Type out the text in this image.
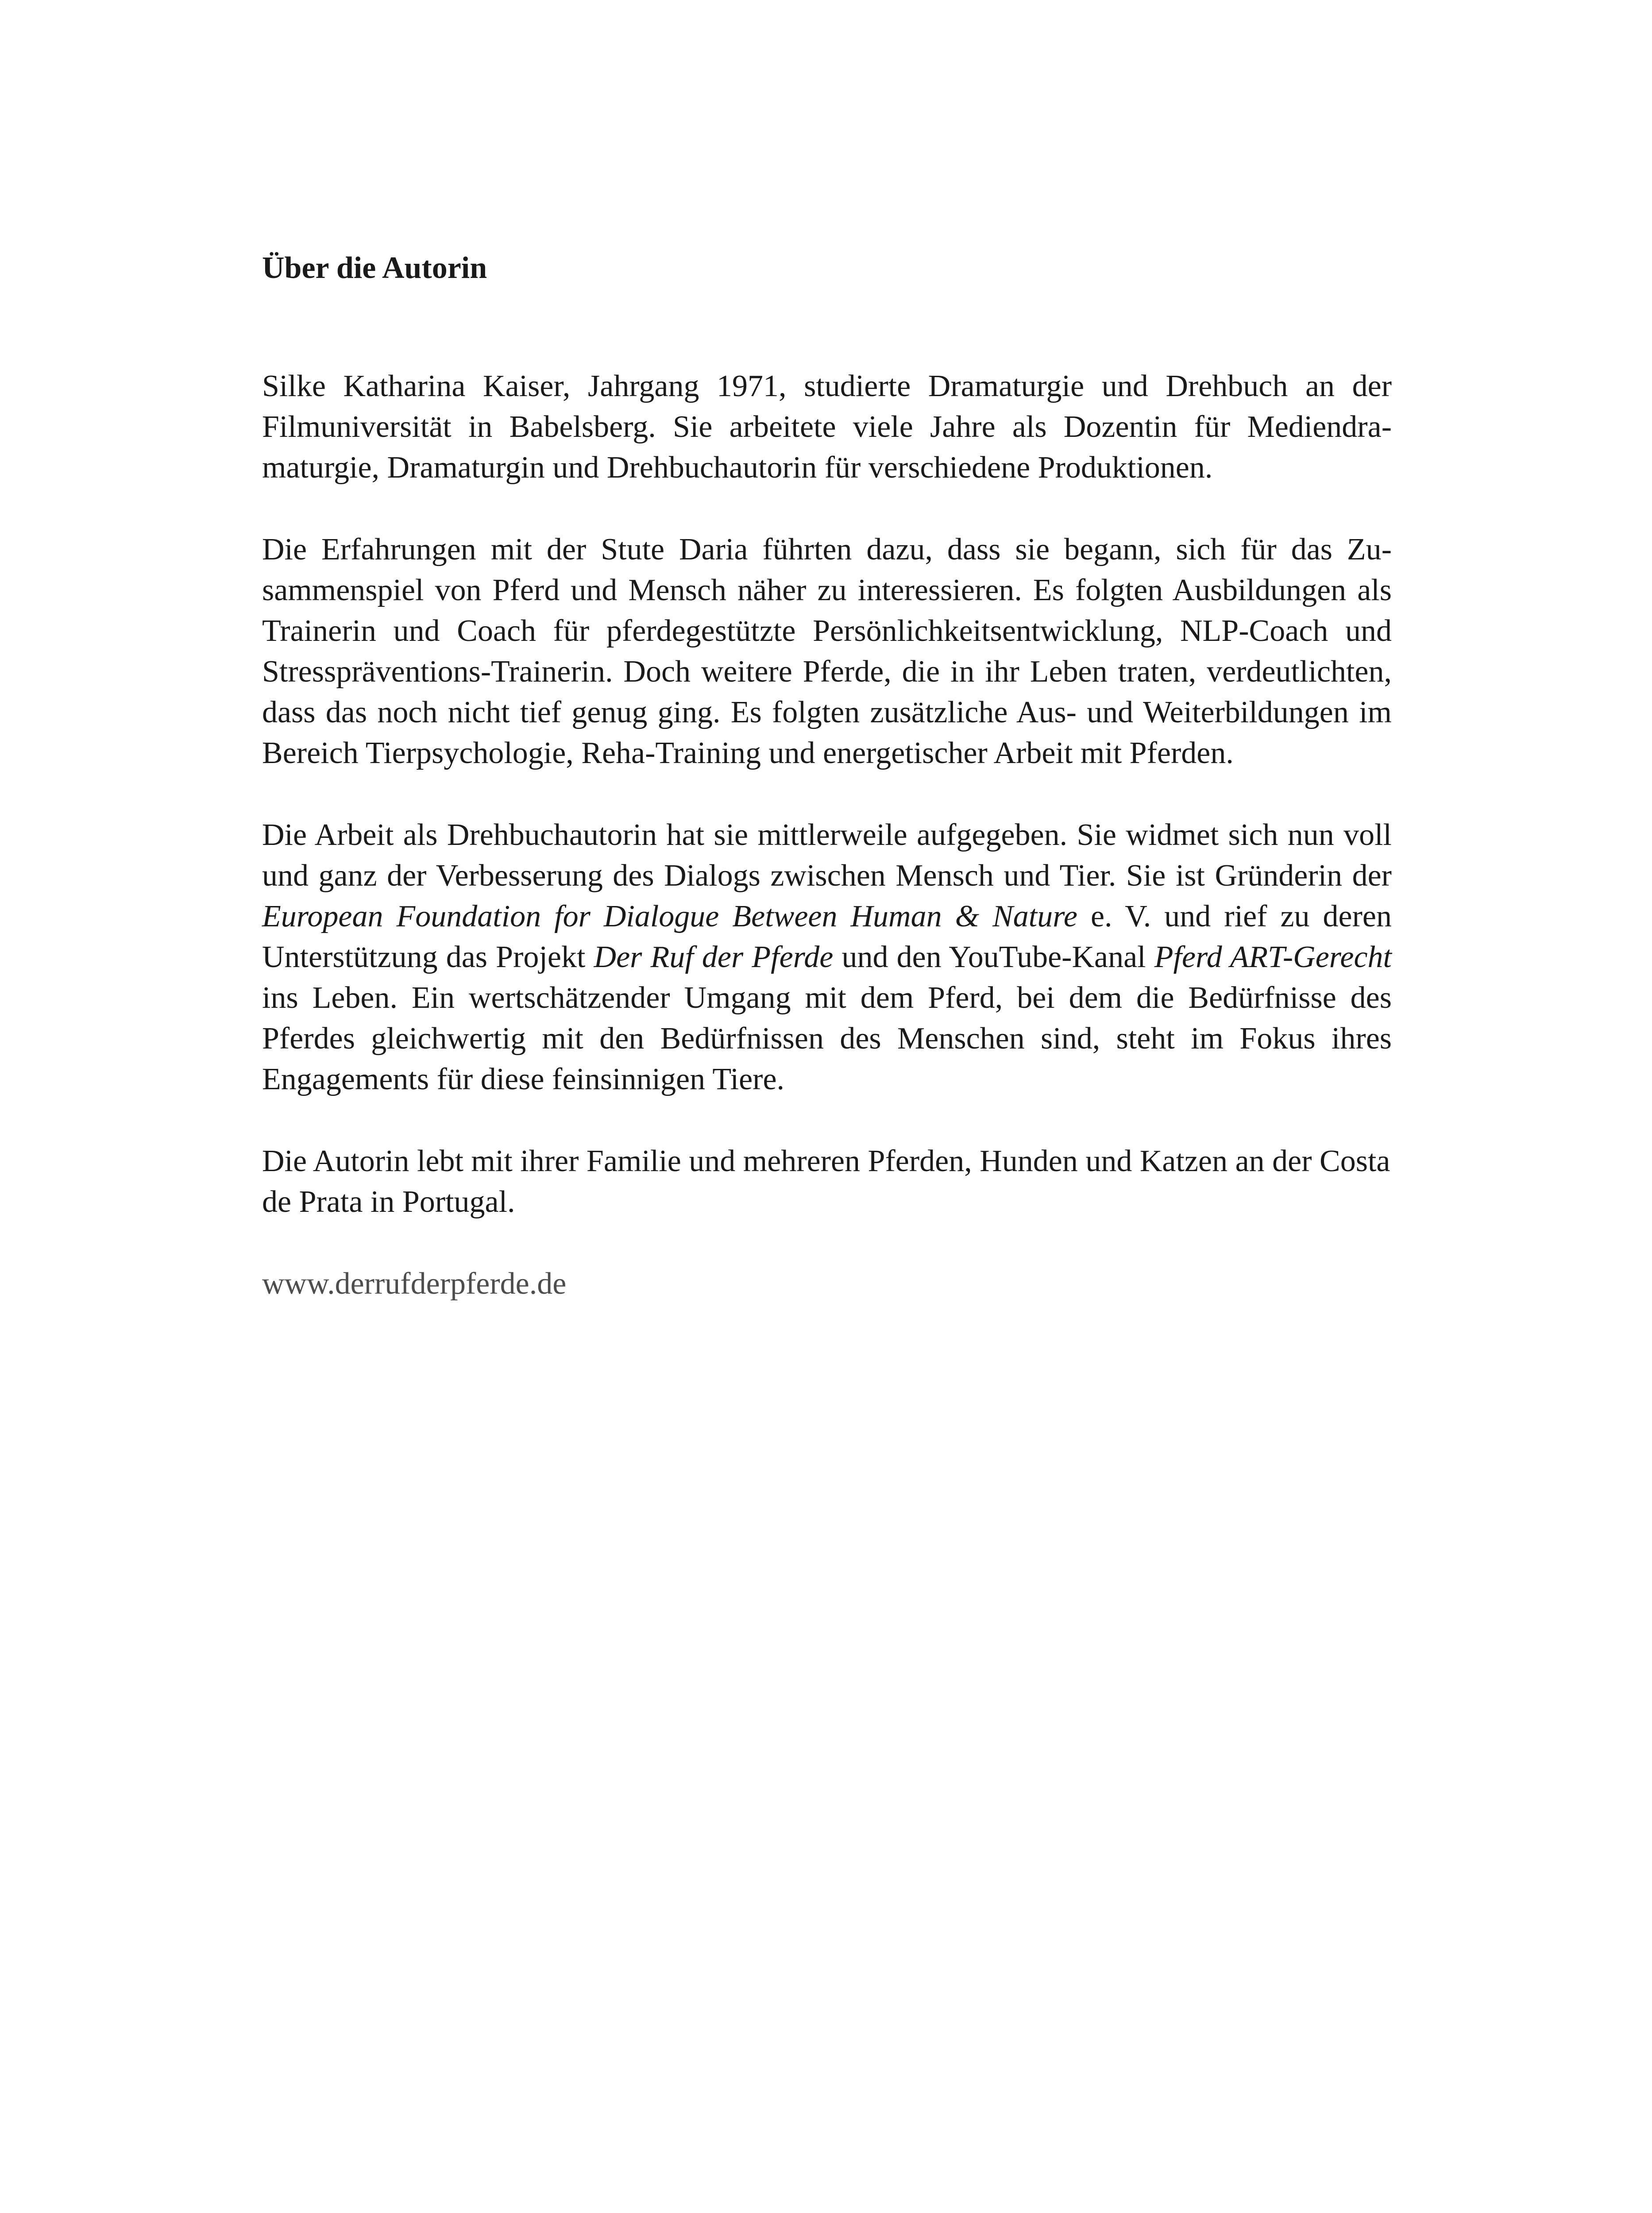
Über die Autorin

Silke Katharina Kaiser, Jahrgang 1971, studierte Dramaturgie und Drehbuch an der Filmuniversität in Babelsberg. Sie arbeitete viele Jahre als Dozentin für Mediendramaturgie, Dramaturgin und Drehbuchautorin für verschiedene Produktionen.

Die Erfahrungen mit der Stute Daria führten dazu, dass sie begann, sich für das Zusammenspiel von Pferd und Mensch näher zu interessieren. Es folgten Ausbildungen als Trainerin und Coach für pferdegestützte Persönlichkeitsentwicklung, NLP-Coach und Stresspräventions-Trainerin. Doch weitere Pferde, die in ihr Leben traten, verdeutlichten, dass das noch nicht tief genug ging. Es folgten zusätzliche Aus- und Weiterbildungen im Bereich Tierpsychologie, Reha-Training und energetischer Arbeit mit Pferden.

Die Arbeit als Drehbuchautorin hat sie mittlerweile aufgegeben. Sie widmet sich nun voll und ganz der Verbesserung des Dialogs zwischen Mensch und Tier. Sie ist Gründerin der European Foundation for Dialogue Between Human & Nature e. V. und rief zu deren Unterstützung das Projekt Der Ruf der Pferde und den YouTube-Kanal Pferd ART-Gerecht ins Leben. Ein wertschätzender Umgang mit dem Pferd, bei dem die Bedürfnisse des Pferdes gleichwertig mit den Bedürfnissen des Menschen sind, steht im Fokus ihres Engagements für diese feinsinnigen Tiere.

Die Autorin lebt mit ihrer Familie und mehreren Pferden, Hunden und Katzen an der Costa de Prata in Portugal.

www.derrufderpferde.de
